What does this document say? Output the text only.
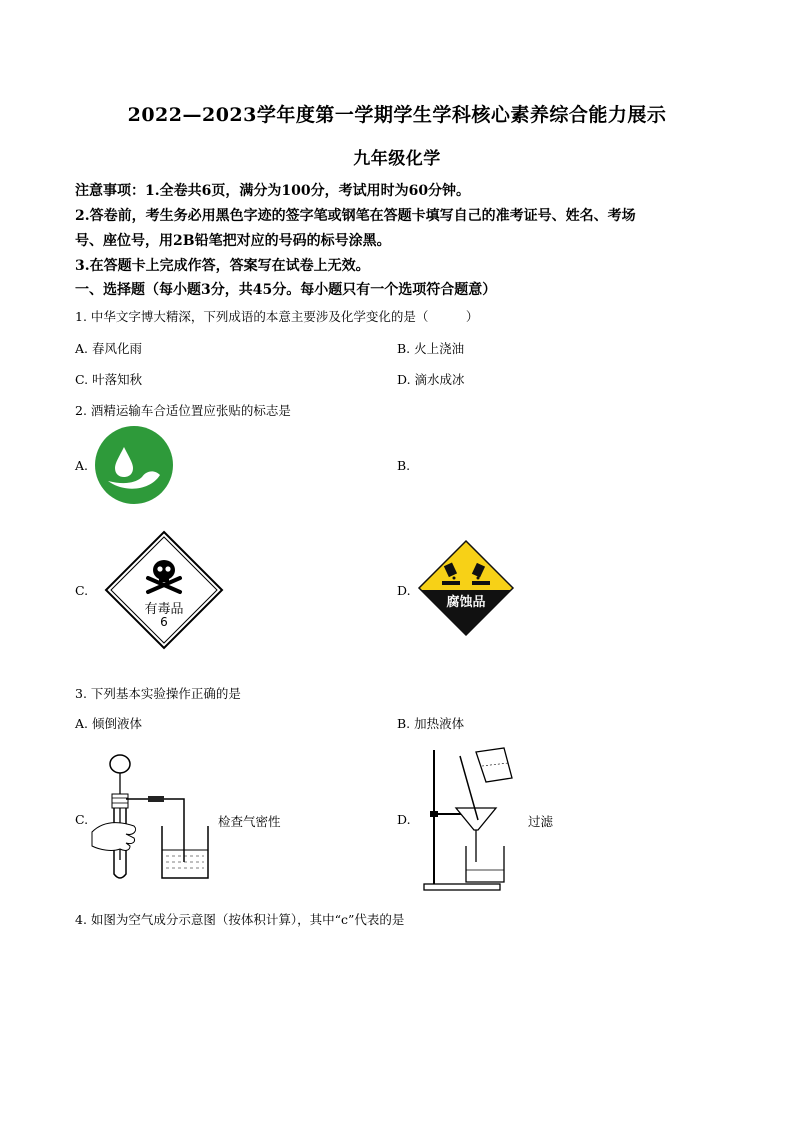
2022—2023学年度第一学期学生学科核心素养综合能力展示
九年级化学
注意事项：1.全卷共6页，满分为100分，考试用时为60分钟。
2.答卷前，考生务必用黑色字迹的签字笔或钢笔在答题卡填写自己的准考证号、姓名、考场
号、座位号，用2B铅笔把对应的号码的标号涂黑。
3.在答题卡上完成作答，答案写在试卷上无效。
一、选择题（每小题3分，共45分。每小题只有一个选项符合题意）
1. 中华文字博大精深，下列成语的本意主要涉及化学变化的是（　　　）
A. 春风化雨	B. 火上浇油
C. 叶落知秋	D. 滴水成冰
2. 酒精运输车合适位置应张贴的标志是
A.	B.
C.	D.
有毒品
6
腐蚀品
3. 下列基本实验操作正确的是
A. 倾倒液体	B. 加热液体
C.	检查气密性	D.	过滤
4. 如图为空气成分示意图（按体积计算），其中“c”代表的是
